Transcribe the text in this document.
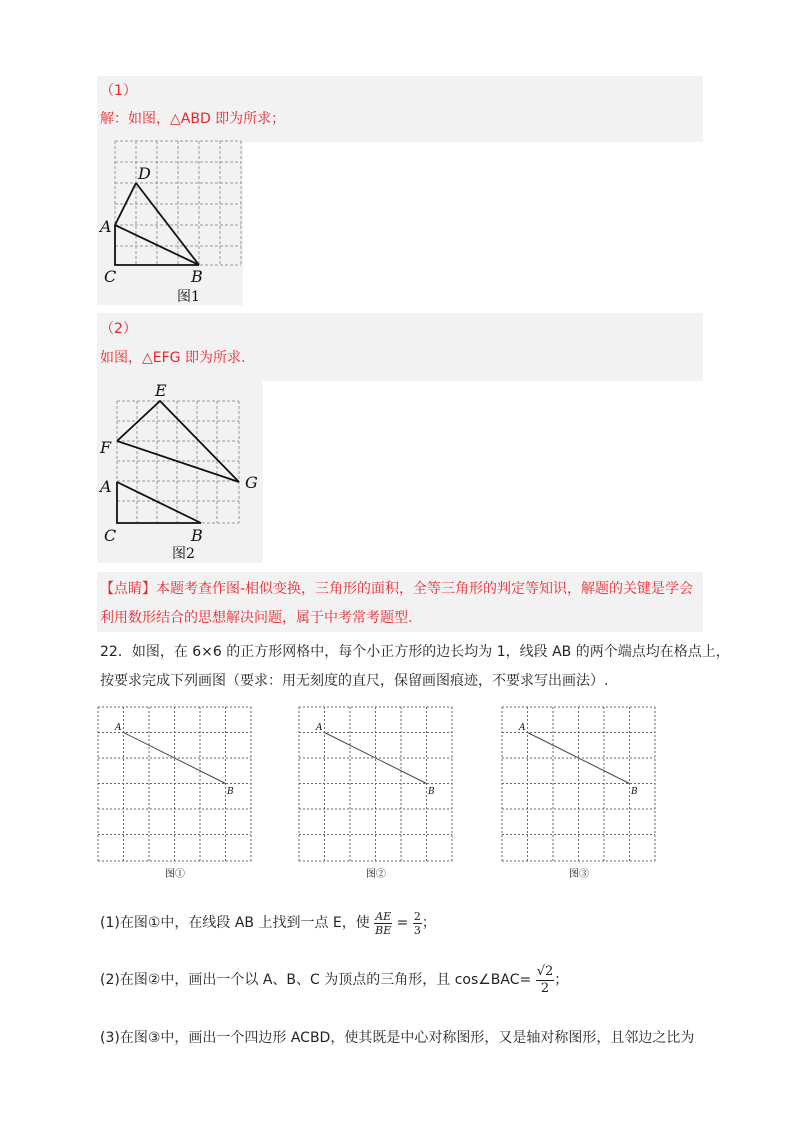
（1）
解：如图，△ABD 即为所求；
D
A
C	B
图1
（2）
如图，△EFG 即为所求.
E
F
G
A
C	B
图2
【点睛】本题考查作图-相似变换，三角形的面积，全等三角形的判定等知识，解题的关键是学会
利用数形结合的思想解决问题，属于中考常考题型.
22．如图，在 6×6 的正方形网格中，每个小正方形的边长均为 1，线段 AB 的两个端点均在格点上，
按要求完成下列画图（要求：用无刻度的直尺，保留画图痕迹，不要求写出画法）.
A
B
图①
A
B
图②
A
B
图③
(1)在图①中，在线段 AB 上找到一点 E，使 $\frac{AE}{BE} = \frac{2}{3}$ ；
(2)在图②中，画出一个以 A、B、C 为顶点的三角形，且 cos∠BAC= $\frac{√2}{2}$ ；
(3)在图③中，画出一个四边形 ACBD，使其既是中心对称图形，又是轴对称图形，且邻边之比为
